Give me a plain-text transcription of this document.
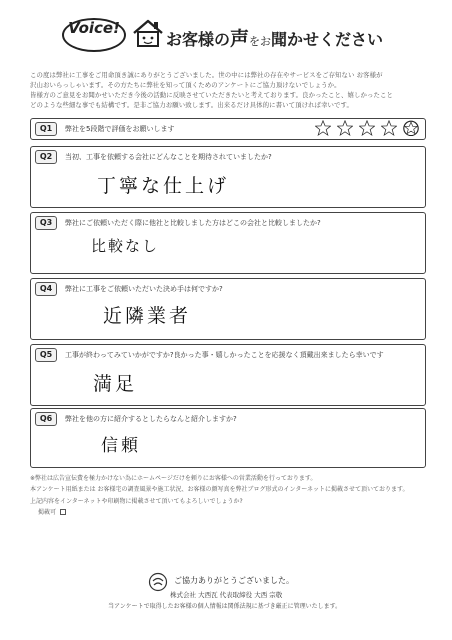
Voice!
お客様の声をお聞かせください

この度は弊社に工事をご用命頂き誠にありがとうございました。世の中には弊社の存在やサービスをご存知ない お客様が

沢山おいらっしゃいます。その方たちに弊社を知って頂くためのアンケートにご協力頂けないでしょうか。

皆様方のご意見をお聞かせいただき今後の活動に反映させていただきたいと考えております。良かったこと、嬉しかったこと

どのような些細な事でも結構です。是非ご協力お願い致します。出来るだけ具体的に書いて頂ければ幸いです。

Q1	弊社を5段階で評価をお願いします
Q2	当初、工事を依頼する会社にどんなことを期待されていましたか?
丁寧な仕上げ
Q3	弊社にご依頼いただく際に他社と比較しました方はどこの会社と比較しましたか?
比較なし
Q4	弊社に工事をご依頼いただいた決め手は何ですか?
近隣業者
Q5	工事が終わってみていかがですか?良かった事・嬉しかったことを応援なく頂戴出来ましたら幸いです
満足
Q6	弊社を他の方に紹介するとしたらなんと紹介しますか?
信頼

※弊社は広告宣伝費を極力かけない為にホームページだけを頼りにお客様への営業活動を行っております。

本アンケート用紙または お客様宅の調査風景や施工状況、お客様の顔写真を弊社ブログ形式のインターネットに掲載させて頂いております。

上記内容をインターネットや印刷物に掲載させて頂いてもよろしいでしょうか?

掲載可

ご協力ありがとうございました。
株式会社 大西瓦 代表取締役 大西 宗敬
当アンケートで取得したお客様の個人情報は関係法規に基づき厳正に管理いたします。
